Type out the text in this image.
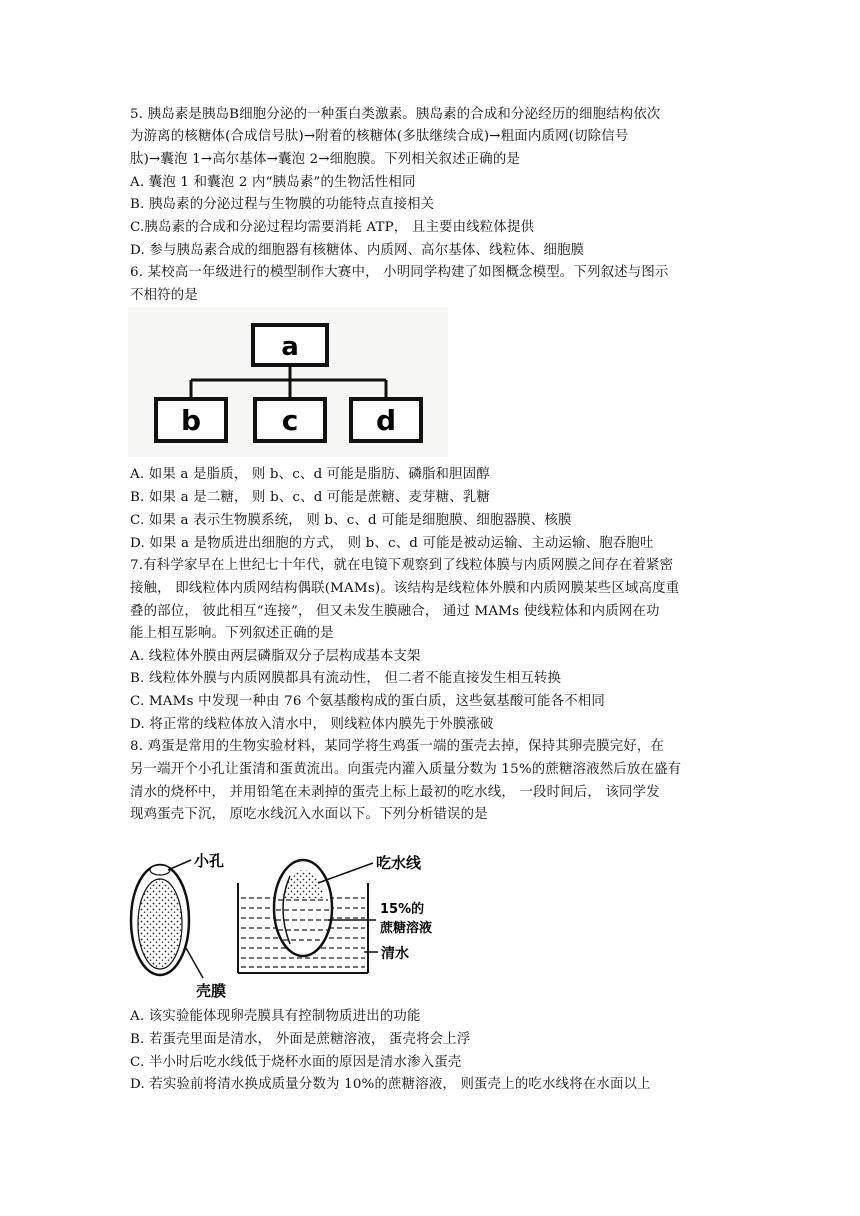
5. 胰岛素是胰岛B细胞分泌的一种蛋白类激素。胰岛素的合成和分泌经历的细胞结构依次
为游离的核糖体(合成信号肽)→附着的核糖体(多肽继续合成)→粗面内质网(切除信号
肽)→囊泡 1→高尔基体→囊泡 2→细胞膜。下列相关叙述正确的是
A. 囊泡 1 和囊泡 2 内“胰岛素”的生物活性相同
B. 胰岛素的分泌过程与生物膜的功能特点直接相关
C.胰岛素的合成和分泌过程均需要消耗 ATP， 且主要由线粒体提供
D. 参与胰岛素合成的细胞器有核糖体、内质网、高尔基体、线粒体、细胞膜
6. 某校高一年级进行的模型制作大赛中， 小明同学构建了如图概念模型。下列叙述与图示
不相符的是
a
b	c	d
A. 如果 a 是脂质， 则 b、c、d 可能是脂肪、磷脂和胆固醇
B. 如果 a 是二糖， 则 b、c、d 可能是蔗糖、麦芽糖、乳糖
C. 如果 a 表示生物膜系统， 则 b、c、d 可能是细胞膜、细胞器膜、核膜
D. 如果 a 是物质进出细胞的方式， 则 b、c、d 可能是被动运输、主动运输、胞吞胞吐
7.有科学家早在上世纪七十年代，就在电镜下观察到了线粒体膜与内质网膜之间存在着紧密
接触， 即线粒体内质网结构偶联(MAMs)。该结构是线粒体外膜和内质网膜某些区域高度重
叠的部位， 彼此相互“连接”， 但又未发生膜融合， 通过 MAMs 使线粒体和内质网在功
能上相互影响。下列叙述正确的是
A. 线粒体外膜由两层磷脂双分子层构成基本支架
B. 线粒体外膜与内质网膜都具有流动性， 但二者不能直接发生相互转换
C. MAMs 中发现一种由 76 个氨基酸构成的蛋白质，这些氨基酸可能各不相同
D. 将正常的线粒体放入清水中， 则线粒体内膜先于外膜涨破
8. 鸡蛋是常用的生物实验材料，某同学将生鸡蛋一端的蛋壳去掉，保持其卵壳膜完好，在
另一端开个小孔让蛋清和蛋黄流出。向蛋壳内灌入质量分数为 15%的蔗糖溶液然后放在盛有
清水的烧杯中， 并用铅笔在未剥掉的蛋壳上标上最初的吃水线， 一段时间后， 该同学发
现鸡蛋壳下沉， 原吃水线沉入水面以下。下列分析错误的是
小孔
壳膜
吃水线
15%的
蔗糖溶液
清水
A. 该实验能体现卵壳膜具有控制物质进出的功能
B. 若蛋壳里面是清水， 外面是蔗糖溶液， 蛋壳将会上浮
C. 半小时后吃水线低于烧杯水面的原因是清水渗入蛋壳
D. 若实验前将清水换成质量分数为 10%的蔗糖溶液， 则蛋壳上的吃水线将在水面以上
